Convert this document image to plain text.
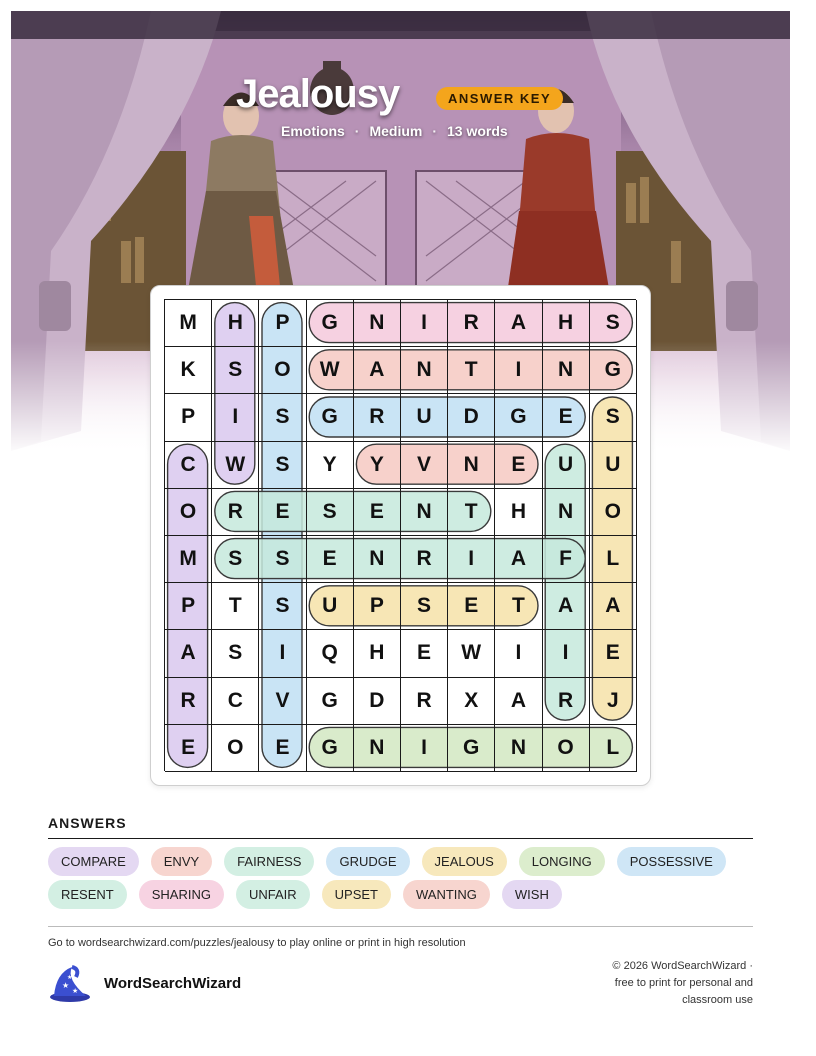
Jealousy	ANSWER KEY
Emotions · Medium · 13 words
M	H	P	G	N	I	R	A	H	S
K	S	O	W	A	N	T	I	N	G
P	I	S	G	R	U	D	G	E	S
C	W	S	Y	Y	V	N	E	U	U
O	R	E	S	E	N	T	H	N	O
M	S	S	E	N	R	I	A	F	L
P	T	S	U	P	S	E	T	A	A
A	S	I	Q	H	E	W	I	I	E
R	C	V	G	D	R	X	A	R	J
E	O	E	G	N	I	G	N	O	L
ANSWERS
COMPARE	ENVY	FAIRNESS	GRUDGE	JEALOUS	LONGING	POSSESSIVE
RESENT	SHARING	UNFAIR	UPSET	WANTING	WISH
Go to wordsearchwizard.com/puzzles/jealousy to play online or print in high resolution
★
★
★ WordSearchWizard
© 2026 WordSearchWizard ·
free to print for personal and
classroom use
